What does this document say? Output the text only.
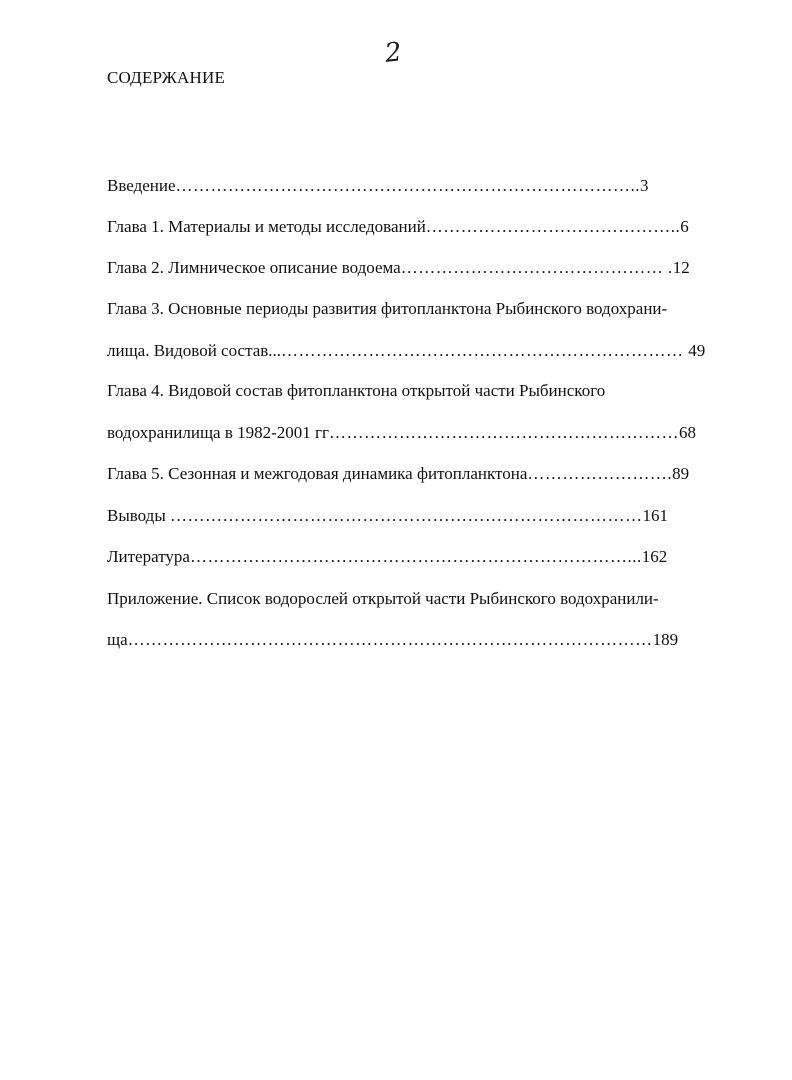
2
СОДЕРЖАНИЕ
Введение……………………………………………………………………..3
Глава 1. Материалы и методы исследований……………………………………..6
Глава 2. Лимническое описание водоема……………………………………… .12
Глава 3. Основные периоды развития фитопланктона Рыбинского водохрани-
лища. Видовой состав...…………………………………………………………… 49
Глава 4. Видовой состав фитопланктона открытой части Рыбинского
водохранилища в 1982-2001 гг……………………………………………………68
Глава 5. Сезонная и межгодовая динамика фитопланктона…………………….89
Выводы ………………………………………………………………………161
Литература…………………………………………………………………...162
Приложение. Список водорослей открытой части Рыбинского водохранили-
ща………………………………………………………………………………189
